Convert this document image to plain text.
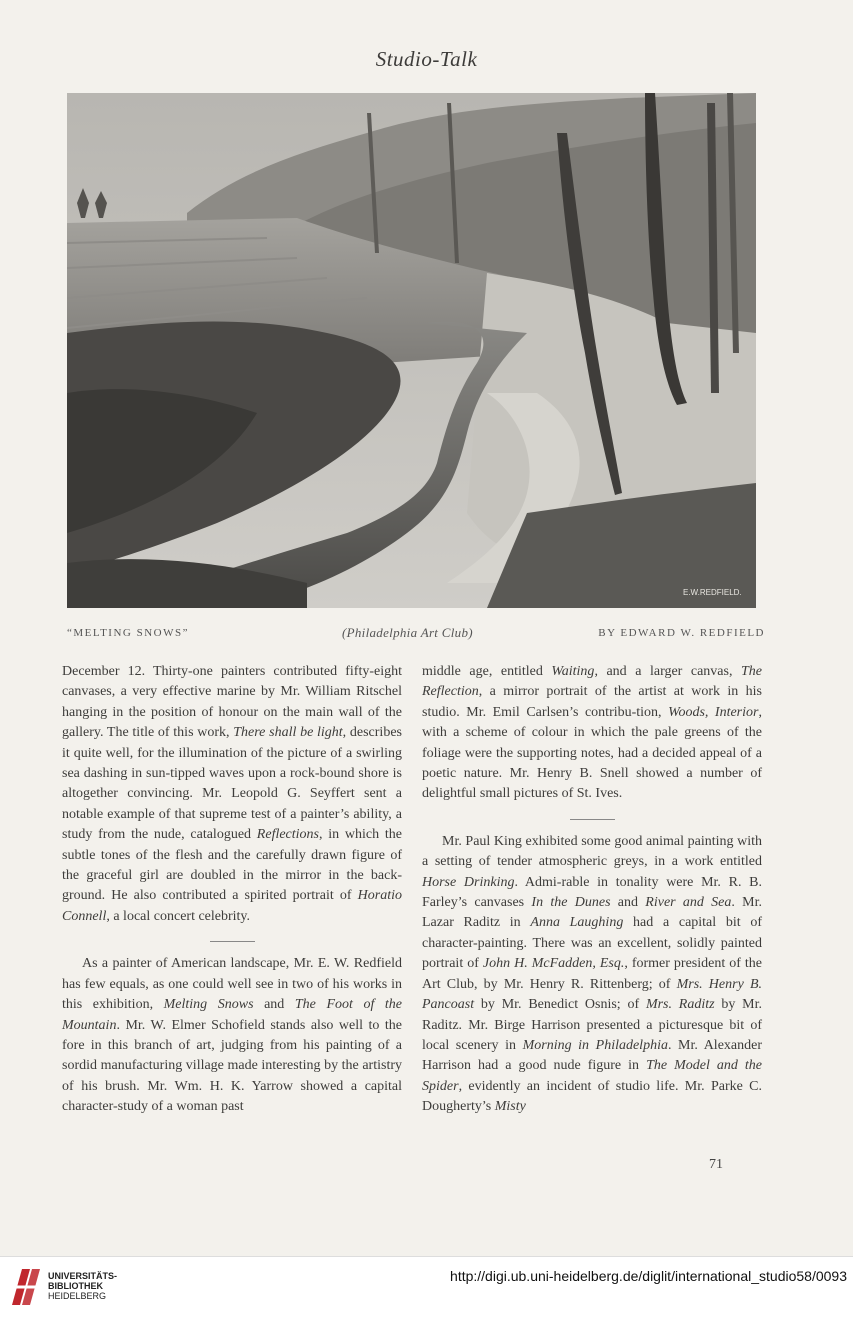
Studio-Talk
E.W.REDFIELD.
“MELTING SNOWS”	(Philadelphia Art Club)	BY EDWARD W. REDFIELD

December 12. Thirty-one painters contributed fifty-eight canvases, a very effective marine by Mr. William Ritschel hanging in the position of honour on the main wall of the gallery. The title of this work, There shall be light, describes it quite well, for the illumination of the picture of a swirling sea dashing in sun-tipped waves upon a rock-bound shore is altogether convincing. Mr. Leopold G. Seyffert sent a notable example of that supreme test of a painter’s ability, a study from the nude, catalogued Reflections, in which the subtle tones of the flesh and the carefully drawn figure of the graceful girl are doubled in the mirror in the back-ground. He also contributed a spirited portrait of Horatio Connell, a local concert celebrity.

As a painter of American landscape, Mr. E. W. Redfield has few equals, as one could well see in two of his works in this exhibition, Melting Snows and The Foot of the Mountain. Mr. W. Elmer Schofield stands also well to the fore in this branch of art, judging from his painting of a sordid manufacturing village made interesting by the artistry of his brush. Mr. Wm. H. K. Yarrow showed a capital character-study of a woman past

middle age, entitled Waiting, and a larger canvas, The Reflection, a mirror portrait of the artist at work in his studio. Mr. Emil Carlsen’s contribu-tion, Woods, Interior, with a scheme of colour in which the pale greens of the foliage were the supporting notes, had a decided appeal of a poetic nature. Mr. Henry B. Snell showed a number of delightful small pictures of St. Ives.

Mr. Paul King exhibited some good animal painting with a setting of tender atmospheric greys, in a work entitled Horse Drinking. Admi-rable in tonality were Mr. R. B. Farley’s canvases In the Dunes and River and Sea. Mr. Lazar Raditz in Anna Laughing had a capital bit of character-painting. There was an excellent, solidly painted portrait of John H. McFadden, Esq., former president of the Art Club, by Mr. Henry R. Rittenberg; of Mrs. Henry B. Pancoast by Mr. Benedict Osnis; of Mrs. Raditz by Mr. Raditz. Mr. Birge Harrison presented a picturesque bit of local scenery in Morning in Philadelphia. Mr. Alexander Harrison had a good nude figure in The Model and the Spider, evidently an incident of studio life. Mr. Parke C. Dougherty’s Misty

71
UNIVERSITÄTS-
BIBLIOTHEK
HEIDELBERG
http://digi.ub.uni-heidelberg.de/diglit/international_studio58/0093
